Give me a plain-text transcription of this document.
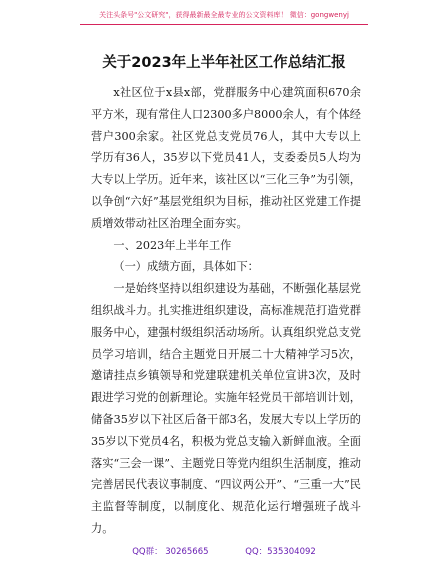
关注头条号"公文研究"，获得最新最全最专业的公文资料库！ 微信：gongwenyj
关于2023年上半年社区工作总结汇报

x社区位于x县x部，党群服务中心建筑面积670余平方米，现有常住人口2300多户8000余人，有个体经营户300余家。社区党总支党员76人，其中大专以上学历有36人，35岁以下党员41人，支委委员5人均为大专以上学历。近年来，该社区以“三化三争”为引领，以争创“六好”基层党组织为目标，推动社区党建工作提质增效带动社区治理全面夯实。

一、2023年上半年工作

（一）成绩方面，具体如下：

一是始终坚持以组织建设为基础，不断强化基层党组织战斗力。扎实推进组织建设，高标准规范打造党群服务中心，建强村级组织活动场所。认真组织党总支党员学习培训，结合主题党日开展二十大精神学习5次，邀请挂点乡镇领导和党建联建机关单位宣讲3次，及时跟进学习党的创新理论。实施年轻党员干部培训计划，储备35岁以下社区后备干部3名，发展大专以上学历的35岁以下党员4名，积极为党总支输入新鲜血液。全面落实“三会一课”、主题党日等党内组织生活制度，推动完善居民代表议事制度、“四议两公开”、“三重一大”民主监督等制度，以制度化、规范化运行增强班子战斗力。

QQ群： 30265665	QQ：535304092
